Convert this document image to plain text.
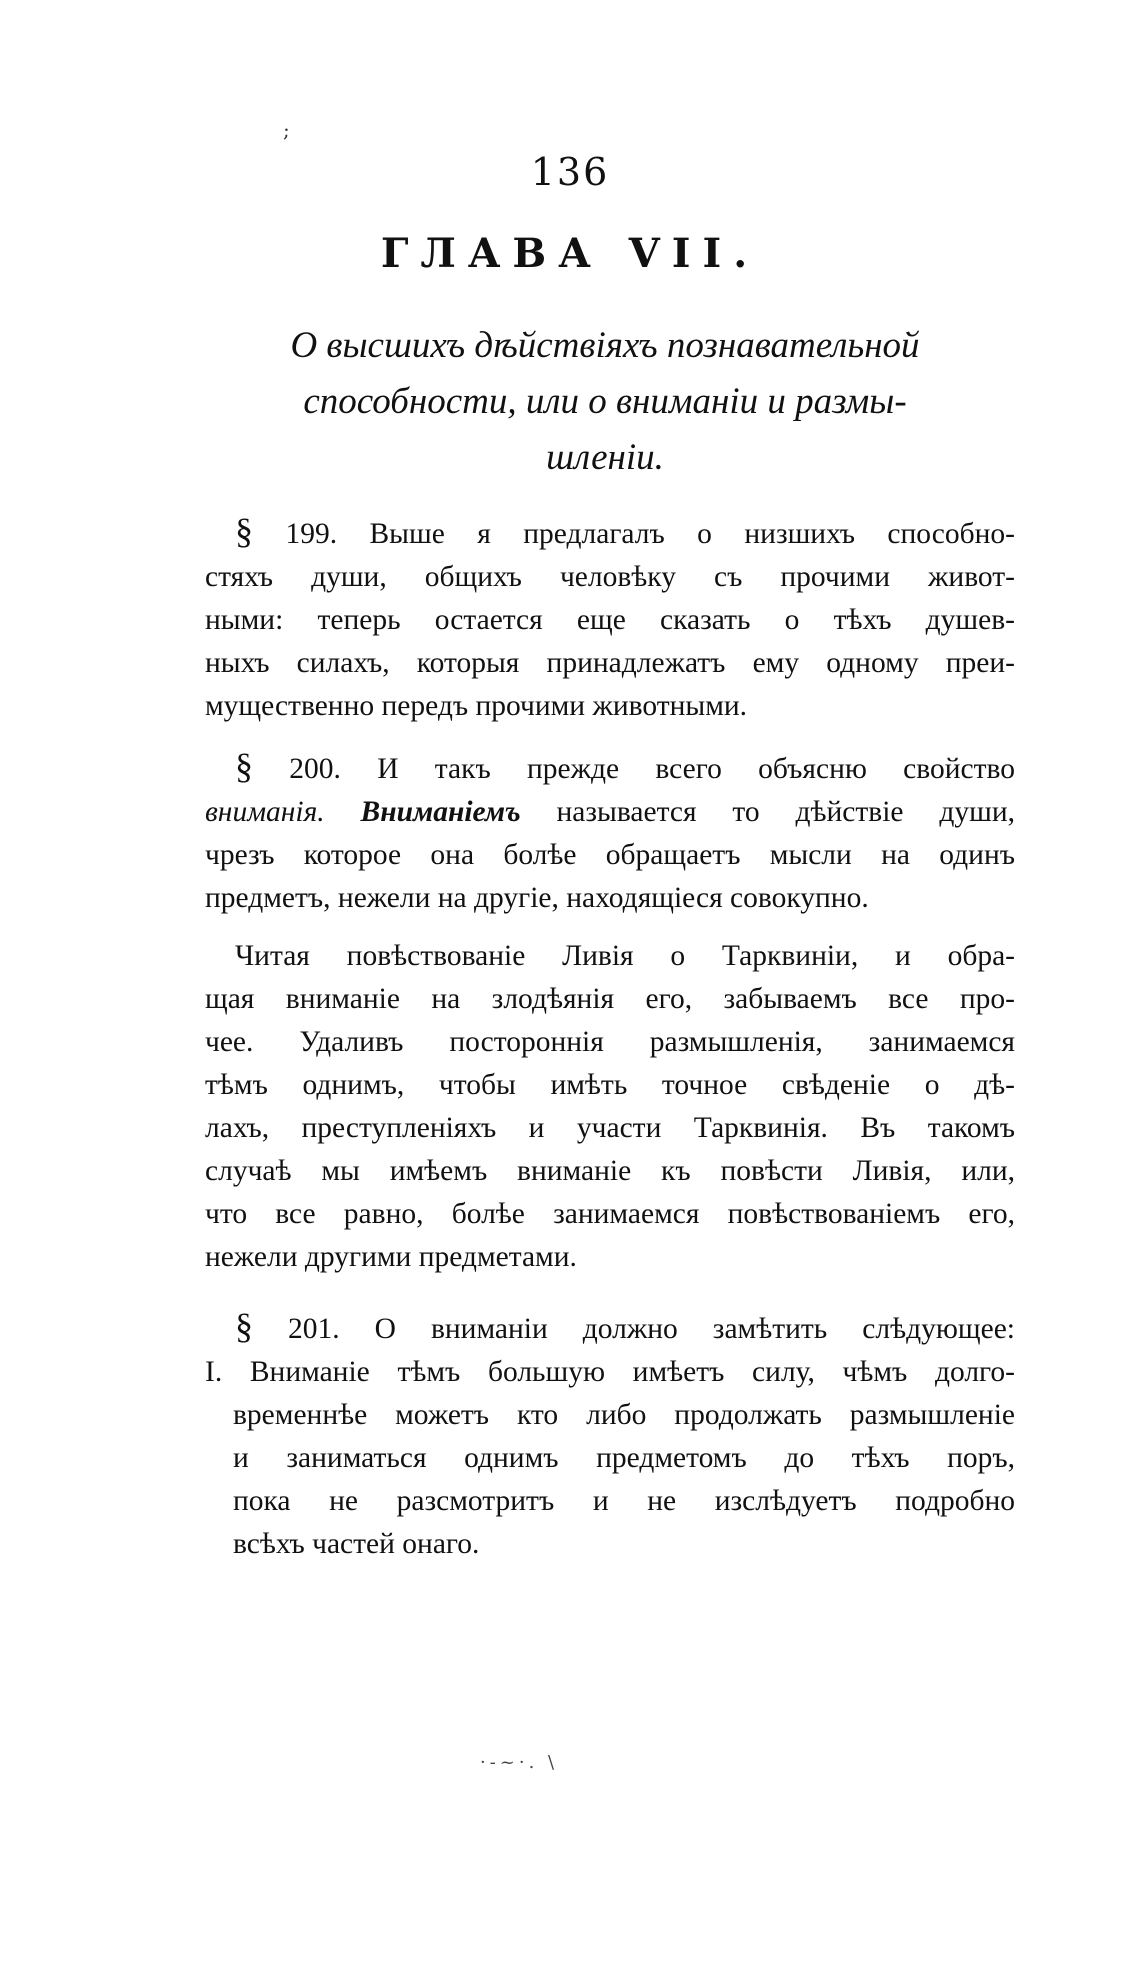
;
136
ГЛАВА VII.
О высшихъ дѣйствіяхъ познавательной
способности, или о вниманіи и размы-
шленіи.
§ 199. Выше я предлагалъ о низшихъ способно-
стяхъ души, общихъ человѣку съ прочими живот-
ными: теперь остается еще сказать о тѣхъ душев-
ныхъ силахъ, которыя принадлежатъ ему одному преи-
мущественно передъ прочими животными.
§ 200. И такъ прежде всего объясню свойство
вниманія. Вниманіемъ называется то дѣйствіе души,
чрезъ которое она болѣе обращаетъ мысли на одинъ
предметъ, нежели на другіе, находящіеся совокупно.
Читая повѣствованіе Ливія о Тарквиніи, и обра-
щая вниманіе на злодѣянія его, забываемъ все про-
чее. Удаливъ постороннія размышленія, занимаемся
тѣмъ однимъ, чтобы имѣть точное свѣденіе о дѣ-
лахъ, преступленіяхъ и участи Тарквинія. Въ такомъ
случаѣ мы имѣемъ вниманіе къ повѣсти Ливія, или,
что все равно, болѣе занимаемся повѣствованіемъ его,
нежели другими предметами.
§ 201. О вниманіи должно замѣтить слѣдующее:
I. Вниманіе тѣмъ большую имѣетъ силу, чѣмъ долго-
временнѣе можетъ кто либо продолжать размышленіе
и заниматься однимъ предметомъ до тѣхъ поръ,
пока не разсмотритъ и не изслѣдуетъ подробно
всѣхъ частей онаго.
·-~·. \
